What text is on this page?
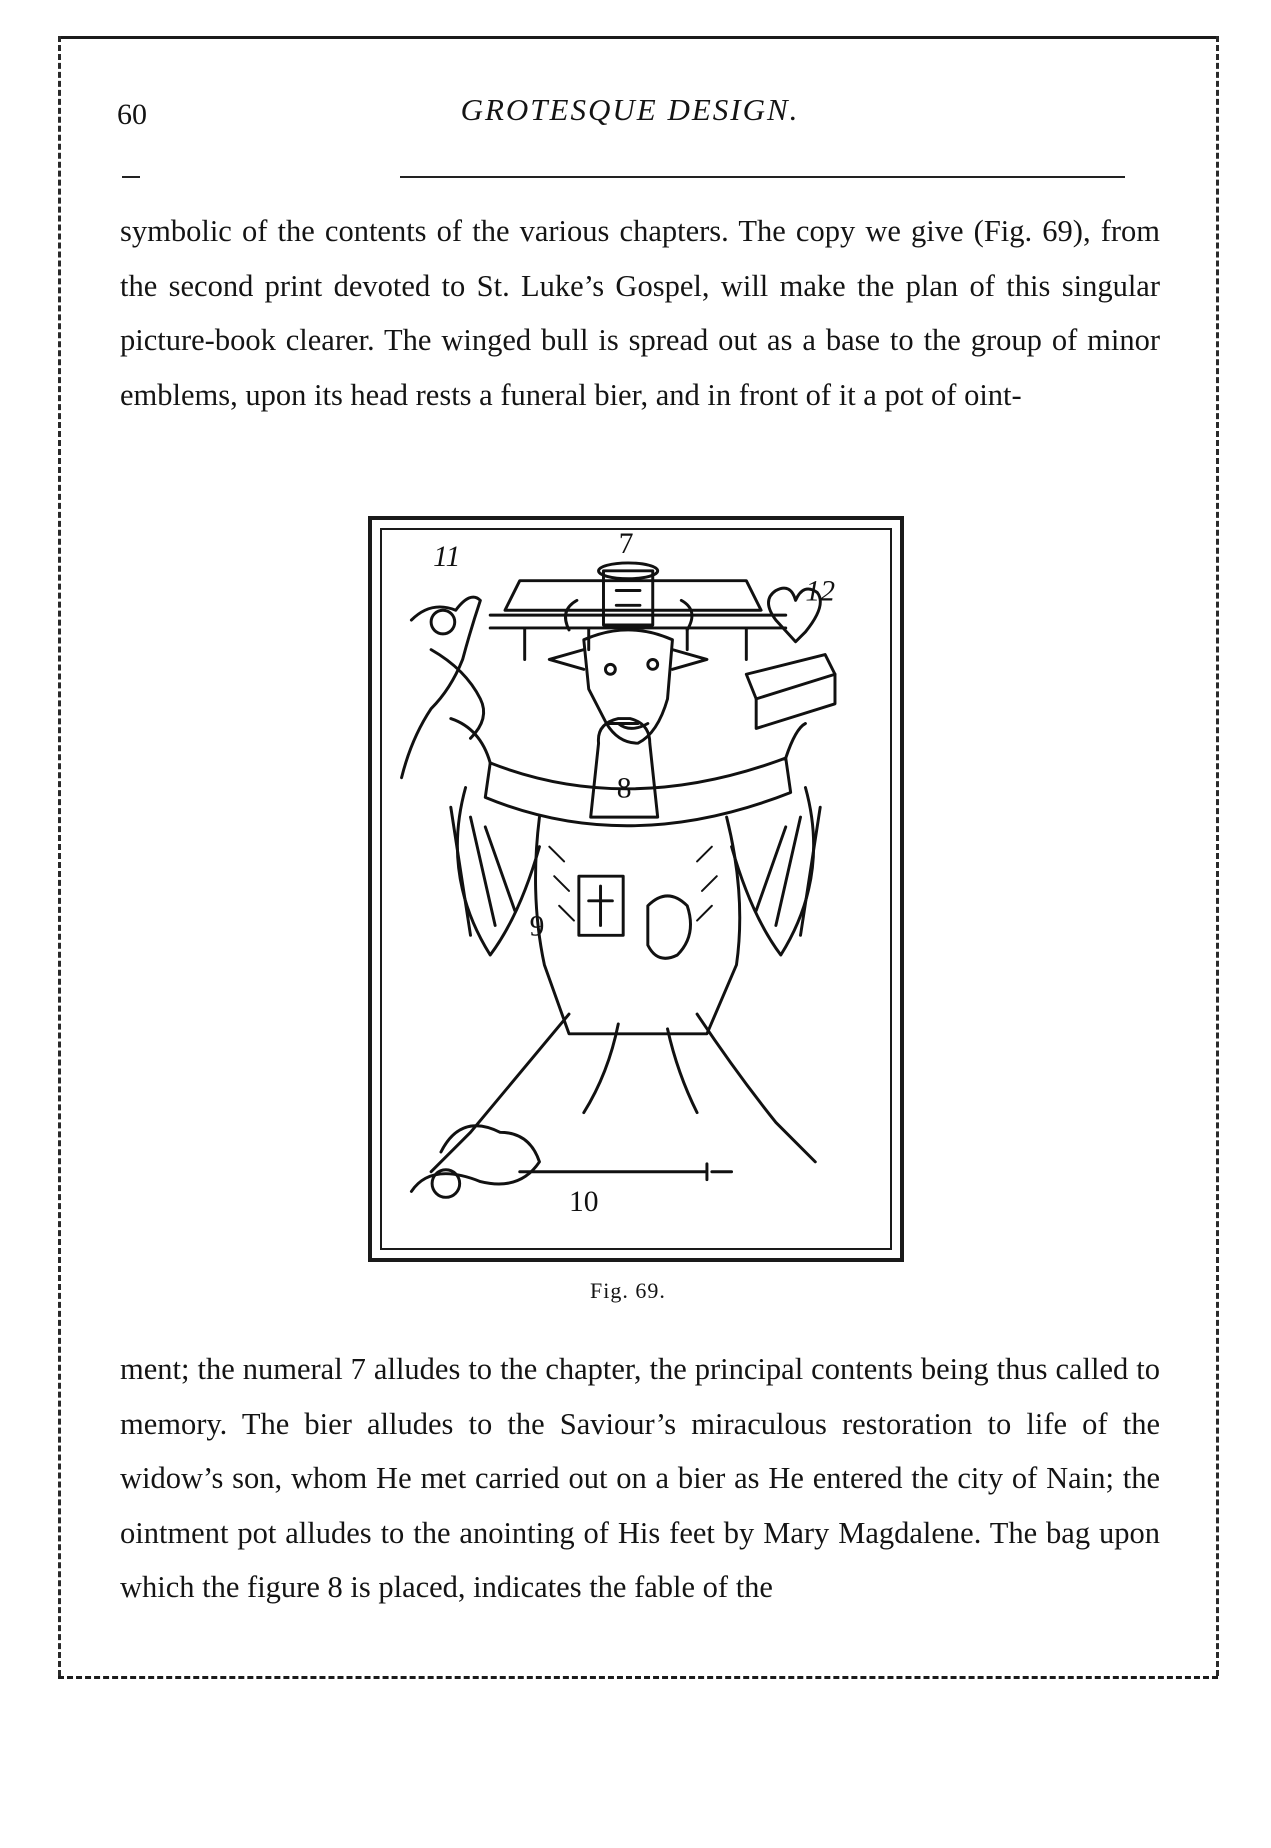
60	GROTESQUE DESIGN.

symbolic of the contents of the various chapters. The copy we give (Fig. 69), from the second print devoted to St. Luke’s Gospel, will make the plan of this singular picture-book clearer. The winged bull is spread out as a base to the group of minor emblems, upon its head rests a funeral bier, and in front of it a pot of oint-

7
11
12
8
9
10
Fig. 69.

ment; the numeral 7 alludes to the chapter, the principal contents being thus called to memory. The bier alludes to the Saviour’s miraculous restoration to life of the widow’s son, whom He met carried out on a bier as He entered the city of Nain; the ointment pot alludes to the anointing of His feet by Mary Magdalene. The bag upon which the figure 8 is placed, indicates the fable of the
